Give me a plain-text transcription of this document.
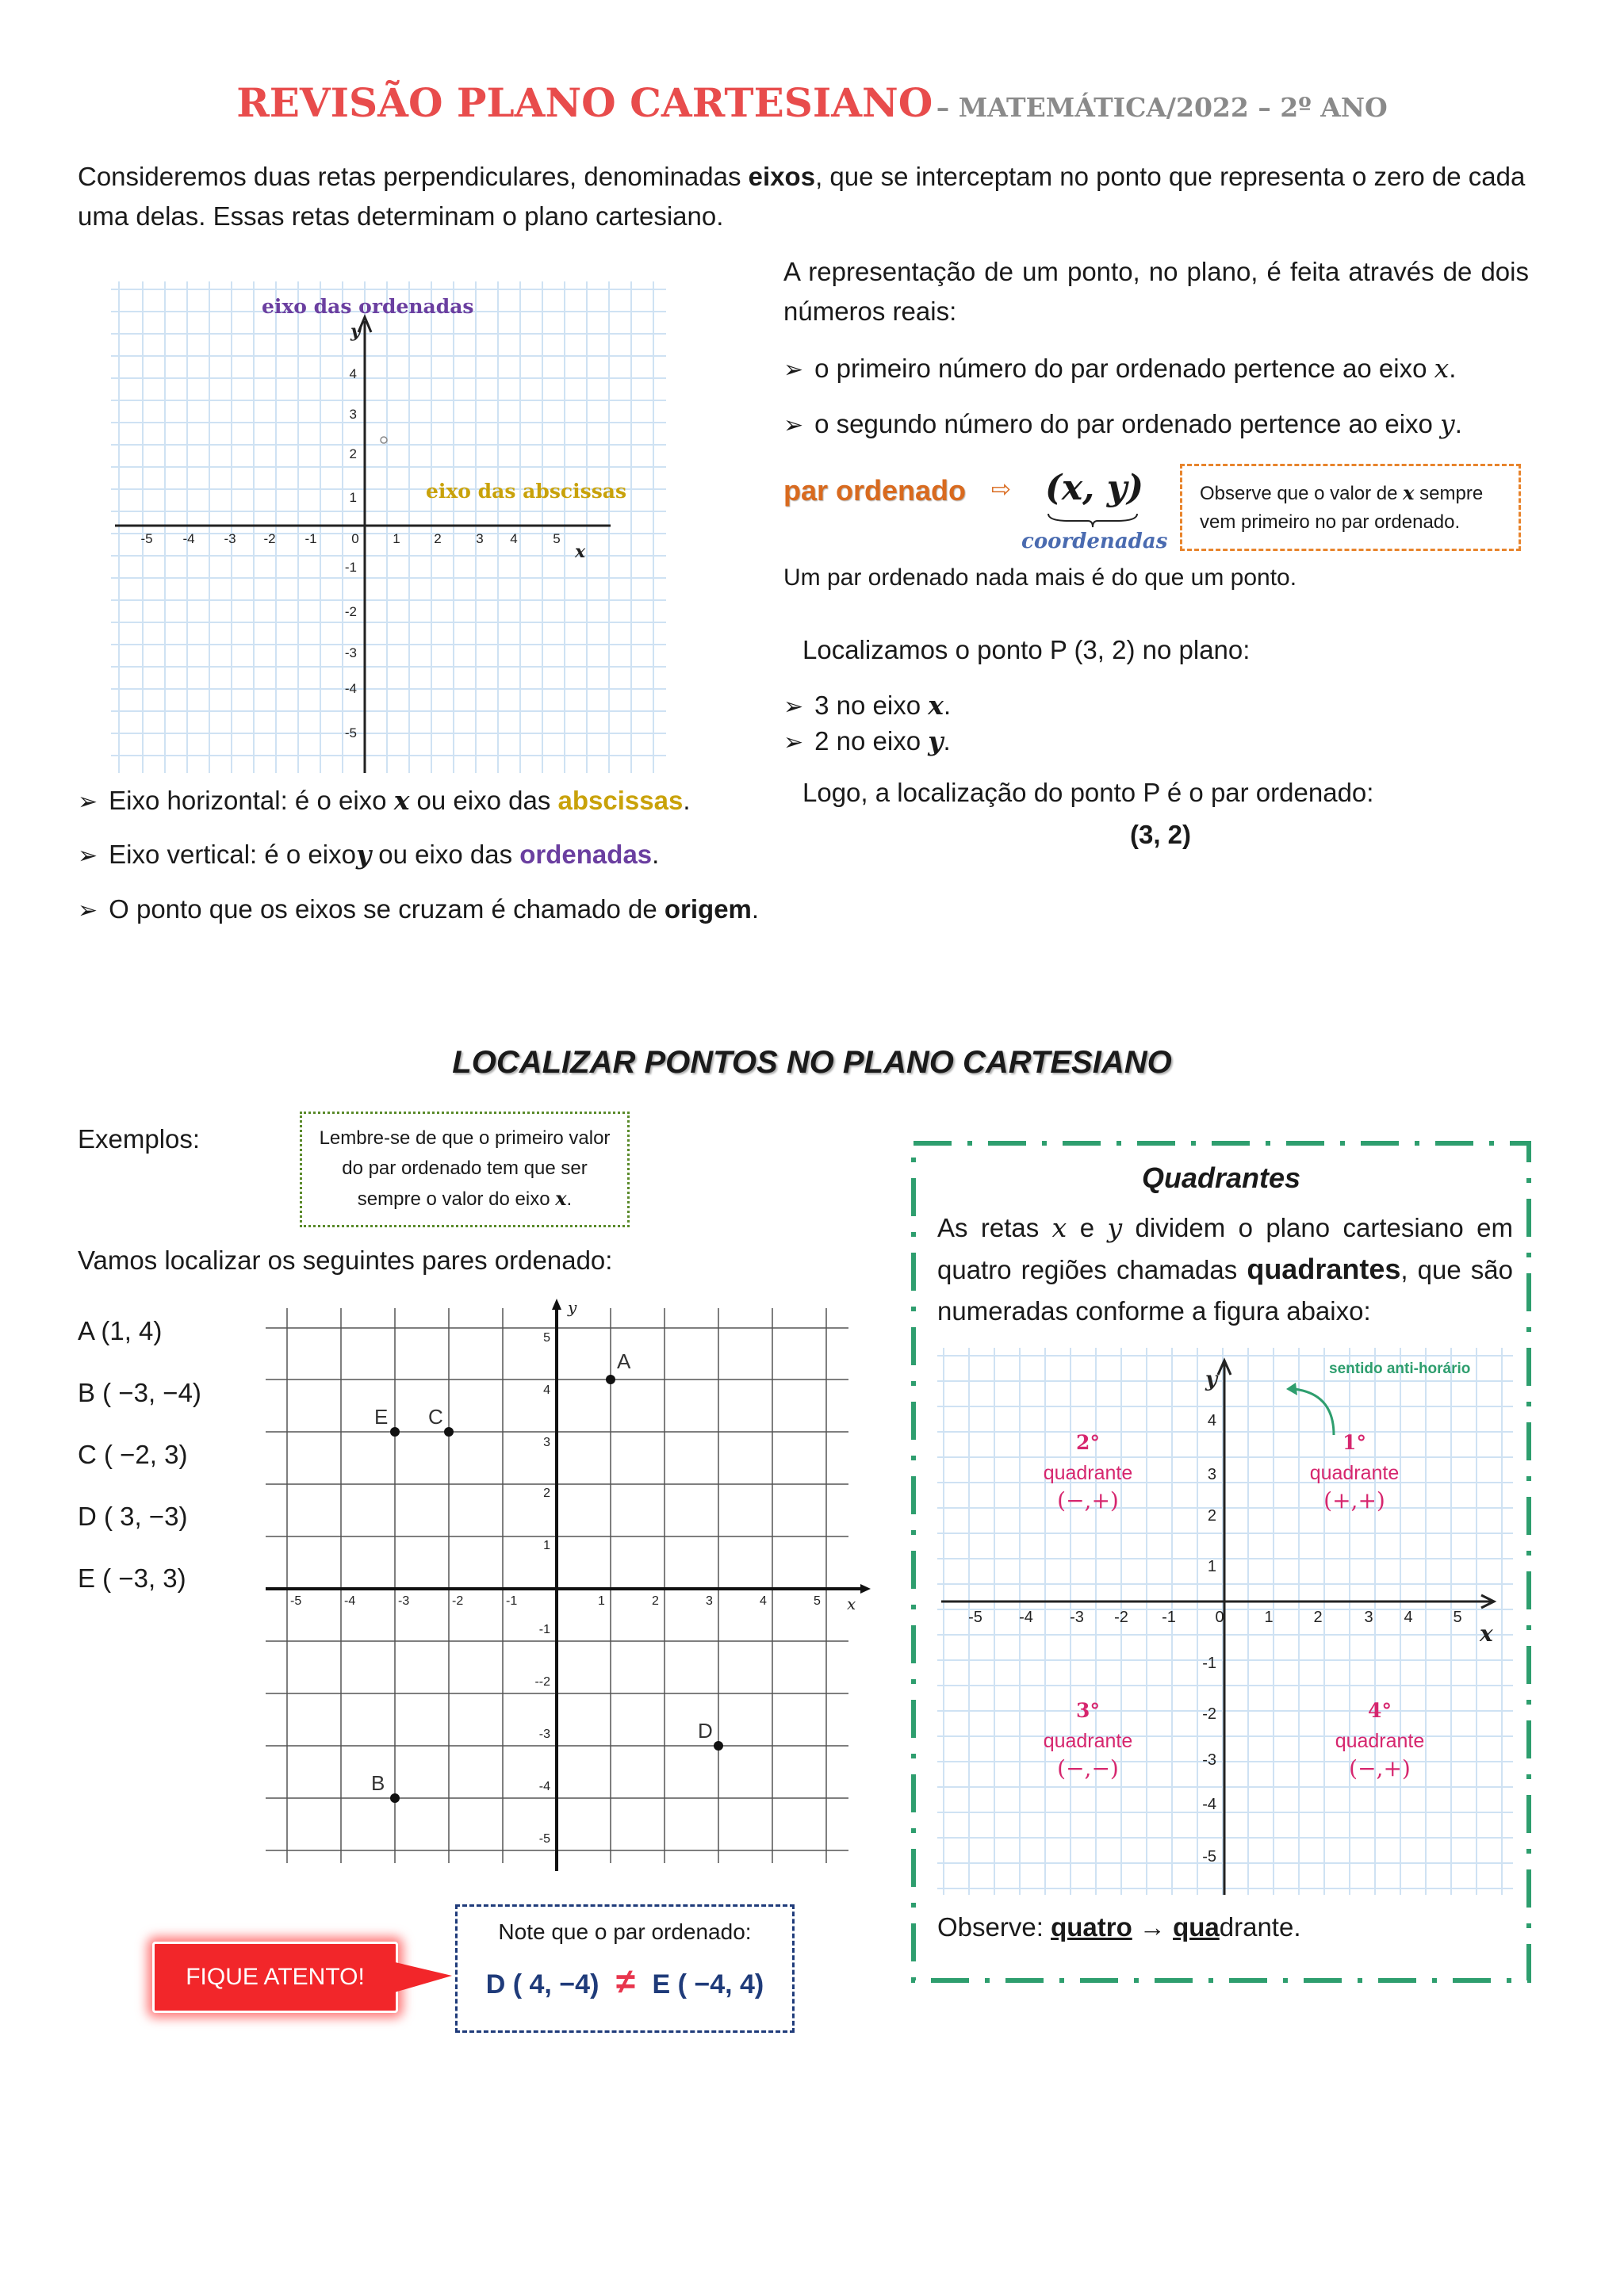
REVISÃO PLANO CARTESIANO – MATEMÁTICA/2022 – 2º ANO

Consideremos duas retas perpendiculares, denominadas eixos, que se interceptam no ponto que representa o zero de cada uma delas. Essas retas determinam o plano cartesiano.

-5 -4 -3 -2 -1	0	1	2	3 4	5
4
3
2
1
-1
-2
-3
-4
-5
y
x
eixo das ordenadas
eixo das abscissas

A representação de um ponto, no plano, é feita através de dois números reais:

➢ o primeiro número do par ordenado pertence ao eixo x.

➢ o segundo número do par ordenado pertence ao eixo y.

par ordenado ⇨ (x, y)
coordenadas
Observe que o valor de x sempre vem primeiro no par ordenado.

Um par ordenado nada mais é do que um ponto.

Localizamos o ponto P (3, 2) no plano:

➢ 3 no eixo x.

➢ 2 no eixo y.

Logo, a localização do ponto P é o par ordenado:

(3, 2)

➢ Eixo horizontal: é o eixo x ou eixo das abscissas.

➢ Eixo vertical: é o eixoy ou eixo das ordenadas.

➢ O ponto que os eixos se cruzam é chamado de origem.

LOCALIZAR PONTOS NO PLANO CARTESIANO

Exemplos:	Lembre-se de que o primeiro valor do par ordenado tem que ser sempre o valor do eixo x.

Vamos localizar os seguintes pares ordenado:

A (1, 4)
B ( −3, −4)
C ( −2, 3)
D ( 3, −3)
E ( −3, 3)
y
x
-5	-4	-3	-2	-1	1	2	3	4	5
5
4
3
2
1
-1
--2
-3
-4
-5
A
B
C
D
E
FIQUE ATENTO!
Note que o par ordenado:
D ( 4, −4) ≠ E ( −4, 4)
Quadrantes

As retas x e y dividem o plano cartesiano em quatro regiões chamadas quadrantes, que são numeradas conforme a figura abaixo:

y
x
-5 -4 -3 -2 -1 0	1	2	3 4	5
4
3
2
1
-1
-2
-3
-4
-5
sentido anti-horário
1°
quadrante
(+,+)
2°
quadrante
(−,+)
3°
quadrante
(−,−)
4°
quadrante
(−,+)

Observe: quatro → quadrante.
